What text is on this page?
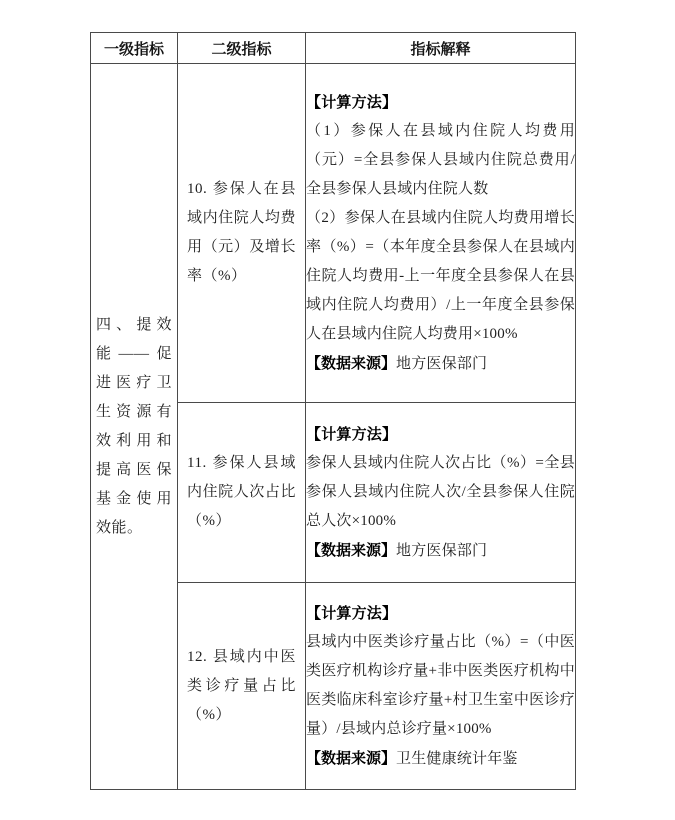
一级指标	二级指标	指标解释

四、提效能——促进医疗卫生资源有效利用和提高医保基金使用效能。	10. 参保人在县域内住院人均费用（元）及增长率（%）	【计算方法】

（1）参保人在县域内住院人均费用（元）=全县参保人县域内住院总费用/全县参保人县域内住院人数

（2）参保人在县域内住院人均费用增长率（%）=（本年度全县参保人在县域内住院人均费用-上一年度全县参保人在县域内住院人均费用）/上一年度全县参保人在县域内住院人均费用×100%

【数据来源】地方医保部门

	11. 参保人县域内住院人次占比（%）	【计算方法】

参保人县域内住院人次占比（%）=全县参保人县域内住院人次/全县参保人住院总人次×100%

【数据来源】地方医保部门

	12. 县域内中医类诊疗量占比（%）	【计算方法】

县域内中医类诊疗量占比（%）=（中医类医疗机构诊疗量+非中医类医疗机构中医类临床科室诊疗量+村卫生室中医诊疗量）/县域内总诊疗量×100%

【数据来源】卫生健康统计年鉴
